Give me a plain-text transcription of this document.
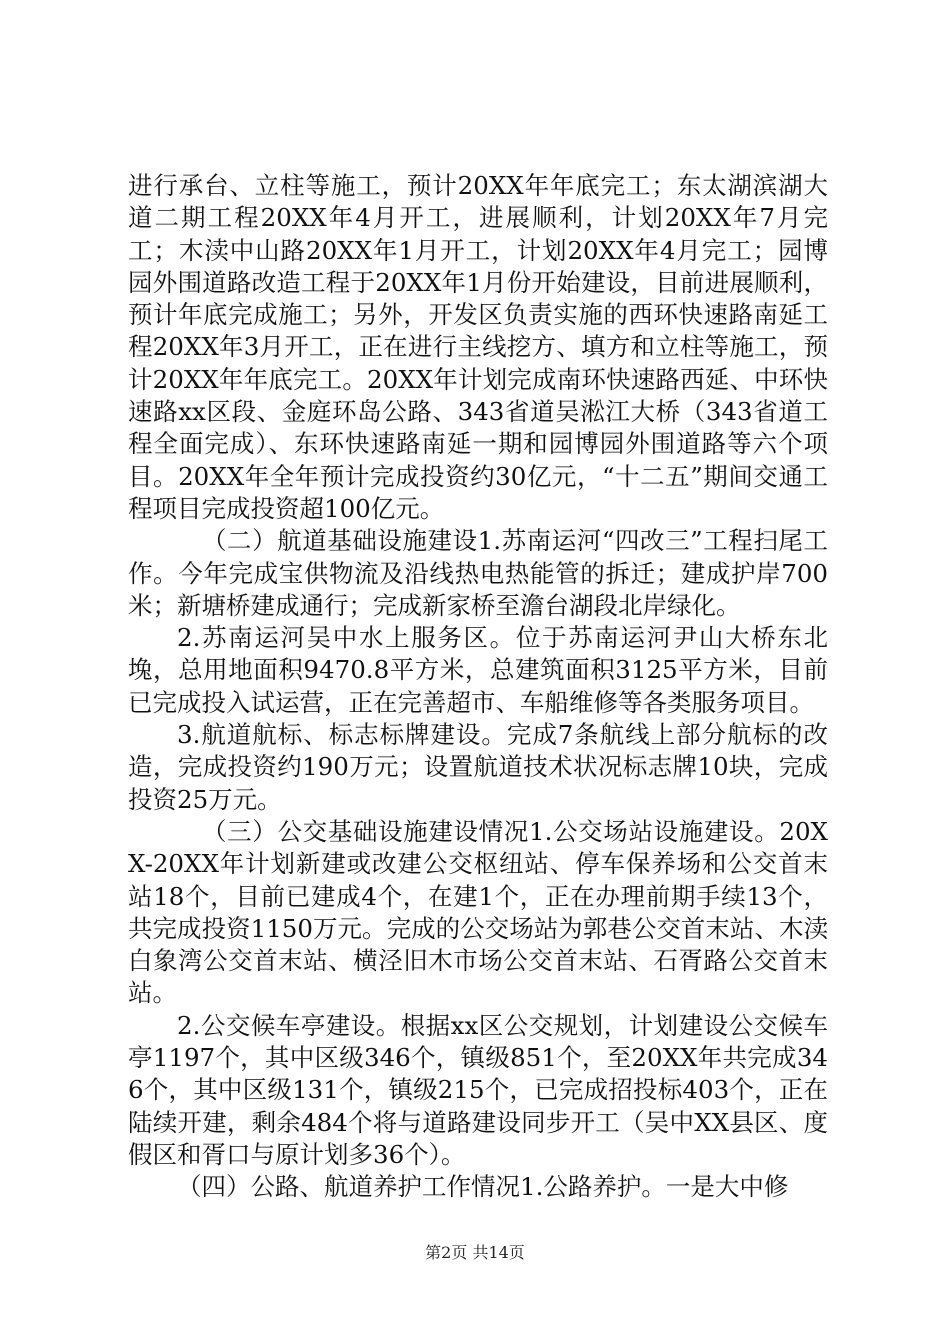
进行承台、立柱等施工，预计20XX年年底完工；东太湖滨湖大道二期工程20XX年4月开工，进展顺利，计划20XX年7月完工；木渎中山路20XX年1月开工，计划20XX年4月完工；园博园外围道路改造工程于20XX年1月份开始建设，目前进展顺利，预计年底完成施工；另外，开发区负责实施的西环快速路南延工程20XX年3月开工，正在进行主线挖方、填方和立柱等施工，预计20XX年年底完工。20XX年计划完成南环快速路西延、中环快速路xx区段、金庭环岛公路、343省道吴淞江大桥（343省道工程全面完成）、东环快速路南延一期和园博园外围道路等六个项目。20XX年全年预计完成投资约30亿元，“十二五”期间交通工程项目完成投资超100亿元。

（二）航道基础设施建设1.苏南运河“四改三”工程扫尾工作。今年完成宝供物流及沿线热电热能管的拆迁；建成护岸700米；新塘桥建成通行；完成新家桥至澹台湖段北岸绿化。

2.苏南运河吴中水上服务区。位于苏南运河尹山大桥东北堍，总用地面积9470.8平方米，总建筑面积3125平方米，目前已完成投入试运营，正在完善超市、车船维修等各类服务项目。

3.航道航标、标志标牌建设。完成7条航线上部分航标的改造，完成投资约190万元；设置航道技术状况标志牌10块，完成投资25万元。

（三）公交基础设施建设情况1.公交场站设施建设。20XX-20XX年计划新建或改建公交枢纽站、停车保养场和公交首末站18个，目前已建成4个，在建1个，正在办理前期手续13个，共完成投资1150万元。完成的公交场站为郭巷公交首末站、木渎白象湾公交首末站、横泾旧木市场公交首末站、石胥路公交首末站。

2.公交候车亭建设。根据xx区公交规划，计划建设公交候车亭1197个，其中区级346个，镇级851个，至20XX年共完成346个，其中区级131个，镇级215个，已完成招投标403个，正在陆续开建，剩余484个将与道路建设同步开工（吴中XX县区、度假区和胥口与原计划多36个）。

（四）公路、航道养护工作情况1.公路养护。一是大中修

第2页 共14页
